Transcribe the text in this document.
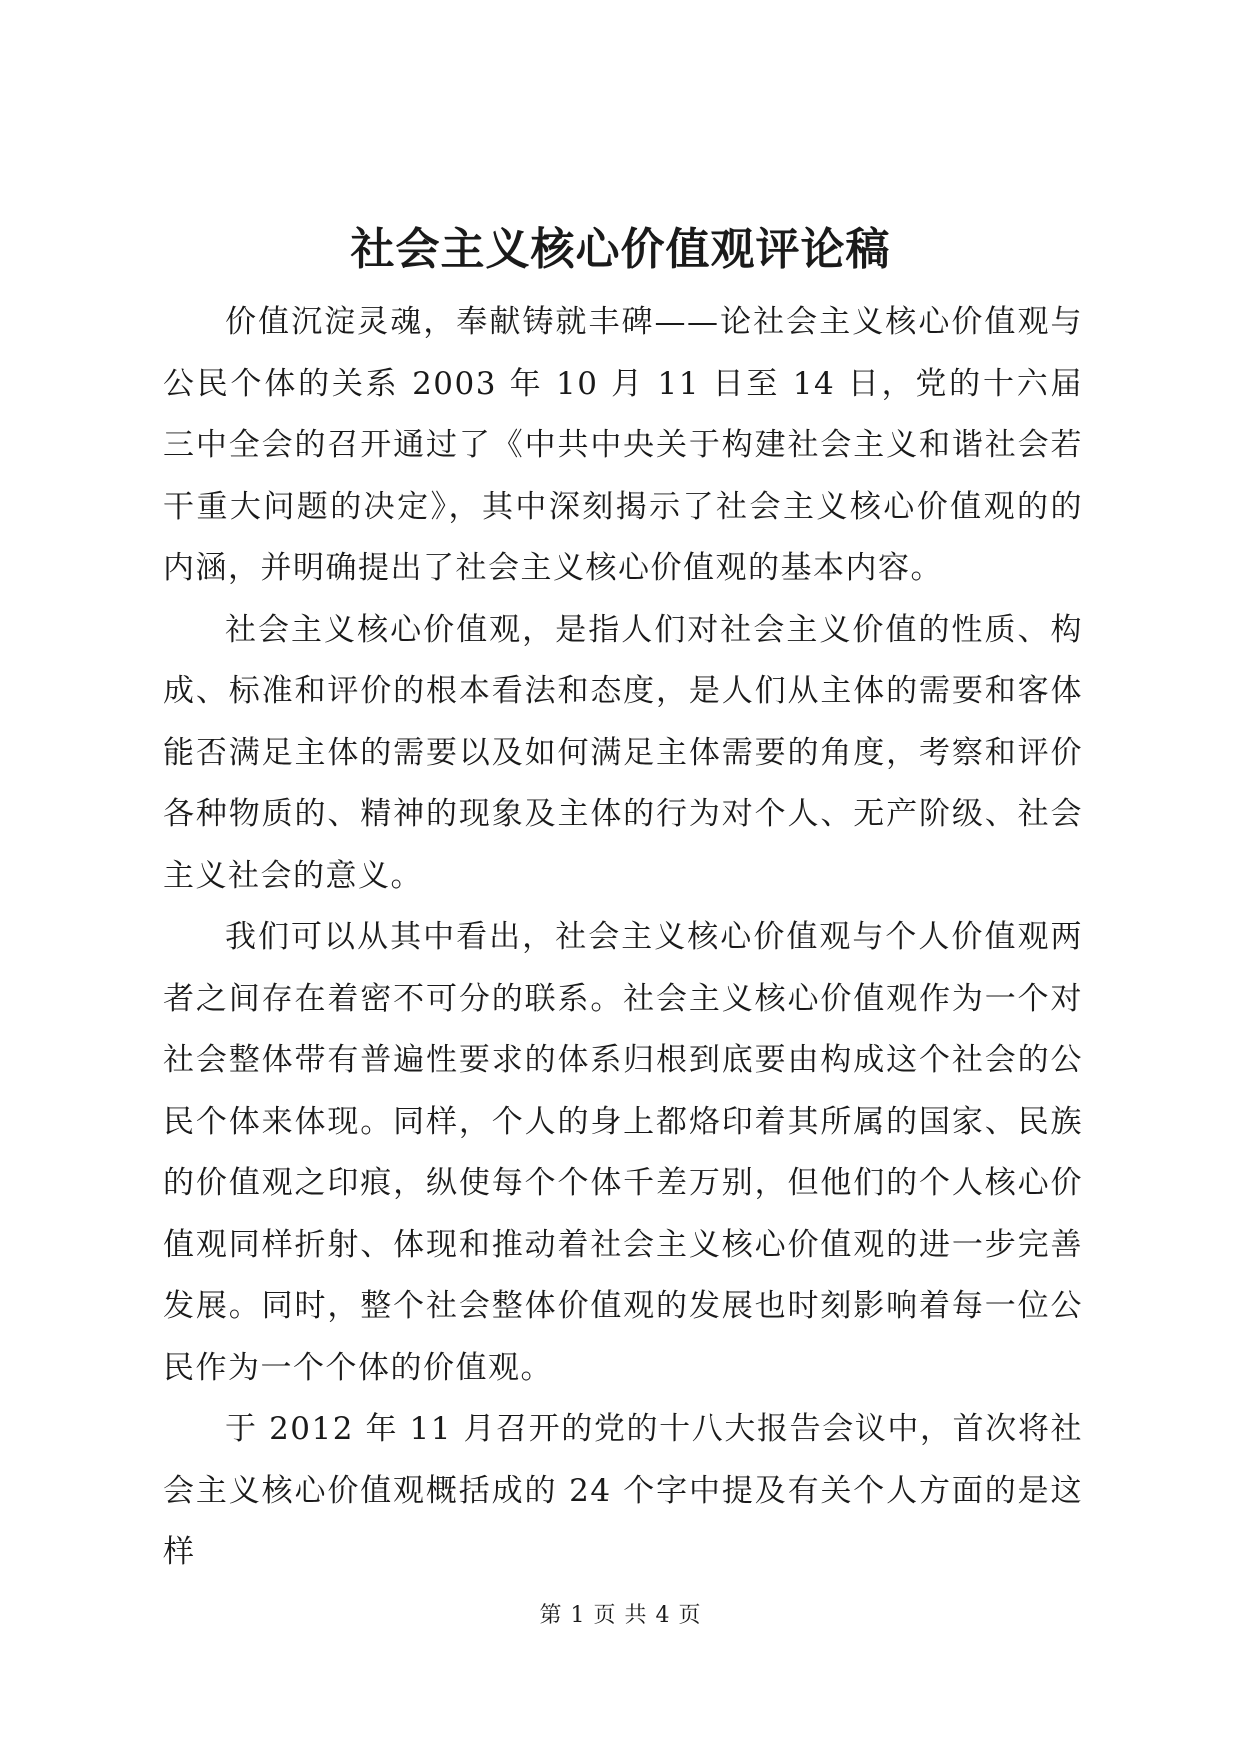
社会主义核心价值观评论稿

价值沉淀灵魂，奉献铸就丰碑——论社会主义核心价值观与公民个体的关系 2003 年 10 月 11 日至 14 日，党的十六届三中全会的召开通过了《中共中央关于构建社会主义和谐社会若干重大问题的决定》，其中深刻揭示了社会主义核心价值观的的内涵，并明确提出了社会主义核心价值观的基本内容。

社会主义核心价值观，是指人们对社会主义价值的性质、构成、标准和评价的根本看法和态度，是人们从主体的需要和客体能否满足主体的需要以及如何满足主体需要的角度，考察和评价各种物质的、精神的现象及主体的行为对个人、无产阶级、社会主义社会的意义。

我们可以从其中看出，社会主义核心价值观与个人价值观两者之间存在着密不可分的联系。社会主义核心价值观作为一个对社会整体带有普遍性要求的体系归根到底要由构成这个社会的公民个体来体现。同样，个人的身上都烙印着其所属的国家、民族的价值观之印痕，纵使每个个体千差万别，但他们的个人核心价值观同样折射、体现和推动着社会主义核心价值观的进一步完善发展。同时，整个社会整体价值观的发展也时刻影响着每一位公民作为一个个体的价值观。

于 2012 年 11 月召开的党的十八大报告会议中，首次将社会主义核心价值观概括成的 24 个字中提及有关个人方面的是这样

第 1 页 共 4 页
